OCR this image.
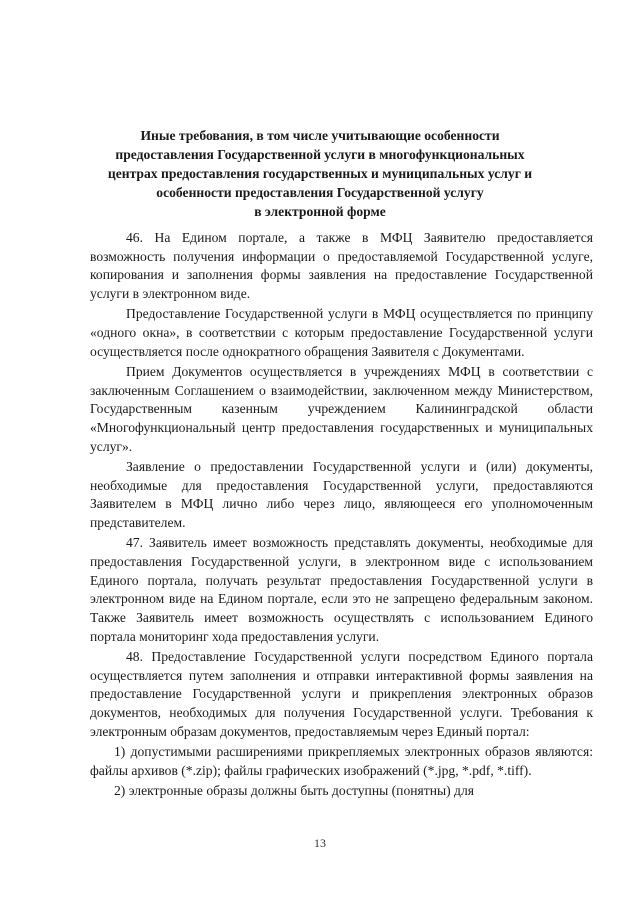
Иные требования, в том числе учитывающие особенности
предоставления Государственной услуги в многофункциональных
центрах предоставления государственных и муниципальных услуг и
особенности предоставления Государственной услугу
в электронной форме

46. На Едином портале, а также в МФЦ Заявителю предоставляется возможность получения информации о предоставляемой Государственной услуге, копирования и заполнения формы заявления на предоставление Государственной услуги в электронном виде.

Предоставление Государственной услуги в МФЦ осуществляется по принципу «одного окна», в соответствии с которым предоставление Государственной услуги осуществляется после однократного обращения Заявителя с Документами.

Прием Документов осуществляется в учреждениях МФЦ в соответствии с заключенным Соглашением о взаимодействии, заключенном между Министерством, Государственным казенным учреждением Калининградской области «Многофункциональный центр предоставления государственных и муниципальных услуг».

Заявление о предоставлении Государственной услуги и (или) документы, необходимые для предоставления Государственной услуги, предоставляются Заявителем в МФЦ лично либо через лицо, являющееся его уполномоченным представителем.

47. Заявитель имеет возможность представлять документы, необходимые для предоставления Государственной услуги, в электронном виде с использованием Единого портала, получать результат предоставления Государственной услуги в электронном виде на Едином портале, если это не запрещено федеральным законом. Также Заявитель имеет возможность осуществлять с использованием Единого портала мониторинг хода предоставления услуги.

48. Предоставление Государственной услуги посредством Единого портала осуществляется путем заполнения и отправки интерактивной формы заявления на предоставление Государственной услуги и прикрепления электронных образов документов, необходимых для получения Государственной услуги. Требования к электронным образам документов, предоставляемым через Единый портал:

1) допустимыми расширениями прикрепляемых электронных образов являются: файлы архивов (*.zip); файлы графических изображений (*.jpg, *.pdf, *.tiff).

2) электронные образы должны быть доступны (понятны) для

13
